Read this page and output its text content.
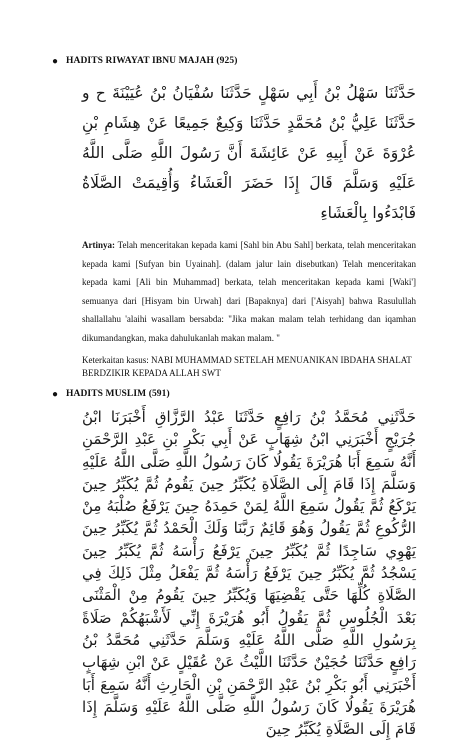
● HADITS RIWAYAT IBNU MAJAH (925)

حَدَّثَنَا سَهْلُ بْنُ أَبِي سَهْلٍ حَدَّثَنَا سُفْيَانُ بْنُ عُيَيْنَةَ ح و حَدَّثَنَا عَلِيُّ بْنُ مُحَمَّدٍ حَدَّثَنَا وَكِيعٌ جَمِيعًا عَنْ هِشَامِ بْنِ عُرْوَةَ عَنْ أَبِيهِ عَنْ عَائِشَةَ أَنَّ رَسُولَ اللَّهِ صَلَّى اللَّهُ عَلَيْهِ وَسَلَّمَ قَالَ إِذَا حَضَرَ الْعَشَاءُ وَأُقِيمَتْ الصَّلَاةُ فَابْدَءُوا بِالْعَشَاءِ

Artinya: Telah menceritakan kepada kami [Sahl bin Abu Sahl] berkata, telah menceritakan kepada kami [Sufyan bin Uyainah]. (dalam jalur lain disebutkan) Telah menceritakan kepada kami [Ali bin Muhammad] berkata, telah menceritakan kepada kami [Waki'] semuanya dari [Hisyam bin Urwah] dari [Bapaknya] dari ['Aisyah] bahwa Rasulullah shallallahu 'alaihi wasallam bersabda: "Jika makan malam telah terhidang dan iqamhan dikumandangkan, maka dahulukanlah makan malam. "

Keterkaitan kasus: NABI MUHAMMAD SETELAH MENUANIKAN IBDAHA SHALAT BERDZIKIR KEPADA ALLAH SWT

● HADITS MUSLIM (591)

حَدَّثَنِي مُحَمَّدُ بْنُ رَافِعٍ حَدَّثَنَا عَبْدُ الرَّزَّاقِ أَخْبَرَنَا ابْنُ جُرَيْجٍ أَخْبَرَنِي ابْنُ شِهَابٍ عَنْ أَبِي بَكْرِ بْنِ عَبْدِ الرَّحْمَنِ أَنَّهُ سَمِعَ أَبَا هُرَيْرَةَ يَقُولُا كَانَ رَسُولُ اللَّهِ صَلَّى اللَّهُ عَلَيْهِ وَسَلَّمَ إِذَا قَامَ إِلَى الصَّلَاةِ يُكَبِّرُ حِينَ يَقُومُ ثُمَّ يُكَبِّرُ حِينَ يَرْكَعُ ثُمَّ يَقُولُ سَمِعَ اللَّهُ لِمَنْ حَمِدَهُ حِينَ يَرْفَعُ صُلْبَهُ مِنْ الرُّكُوعِ ثُمَّ يَقُولُ وَهُوَ قَائِمٌ رَبَّنَا وَلَكَ الْحَمْدُ ثُمَّ يُكَبِّرُ حِينَ يَهْوِي سَاجِدًا ثُمَّ يُكَبِّرُ حِينَ يَرْفَعُ رَأْسَهُ ثُمَّ يُكَبِّرُ حِينَ يَسْجُدُ ثُمَّ يُكَبِّرُ حِينَ يَرْفَعُ رَأْسَهُ ثُمَّ يَفْعَلُ مِثْلَ ذَلِكَ فِي الصَّلَاةِ كُلِّهَا حَتَّى يَقْضِيَهَا وَيُكَبِّرُ حِينَ يَقُومُ مِنْ الْمَثْنَى بَعْدَ الْجُلُوسِ ثُمَّ يَقُولُ أَبُو هُرَيْرَةَ إِنِّي لَأَشْبَهُكُمْ صَلَاةً بِرَسُولِ اللَّهِ صَلَّى اللَّهُ عَلَيْهِ وَسَلَّمَ حَدَّثَنِي مُحَمَّدُ بْنُ رَافِعٍ حَدَّثَنَا حُجَيْنٌ حَدَّثَنَا اللَّيْثُ عَنْ عُقَيْلٍ عَنْ ابْنِ شِهَابٍ أَخْبَرَنِي أَبُو بَكْرِ بْنُ عَبْدِ الرَّحْمَنِ بْنِ الْحَارِثِ أَنَّهُ سَمِعَ أَبَا هُرَيْرَةَ يَقُولُا كَانَ رَسُولُ اللَّهِ صَلَّى اللَّهُ عَلَيْهِ وَسَلَّمَ إِذَا قَامَ إِلَى الصَّلَاةِ يُكَبِّرُ حِينَ
